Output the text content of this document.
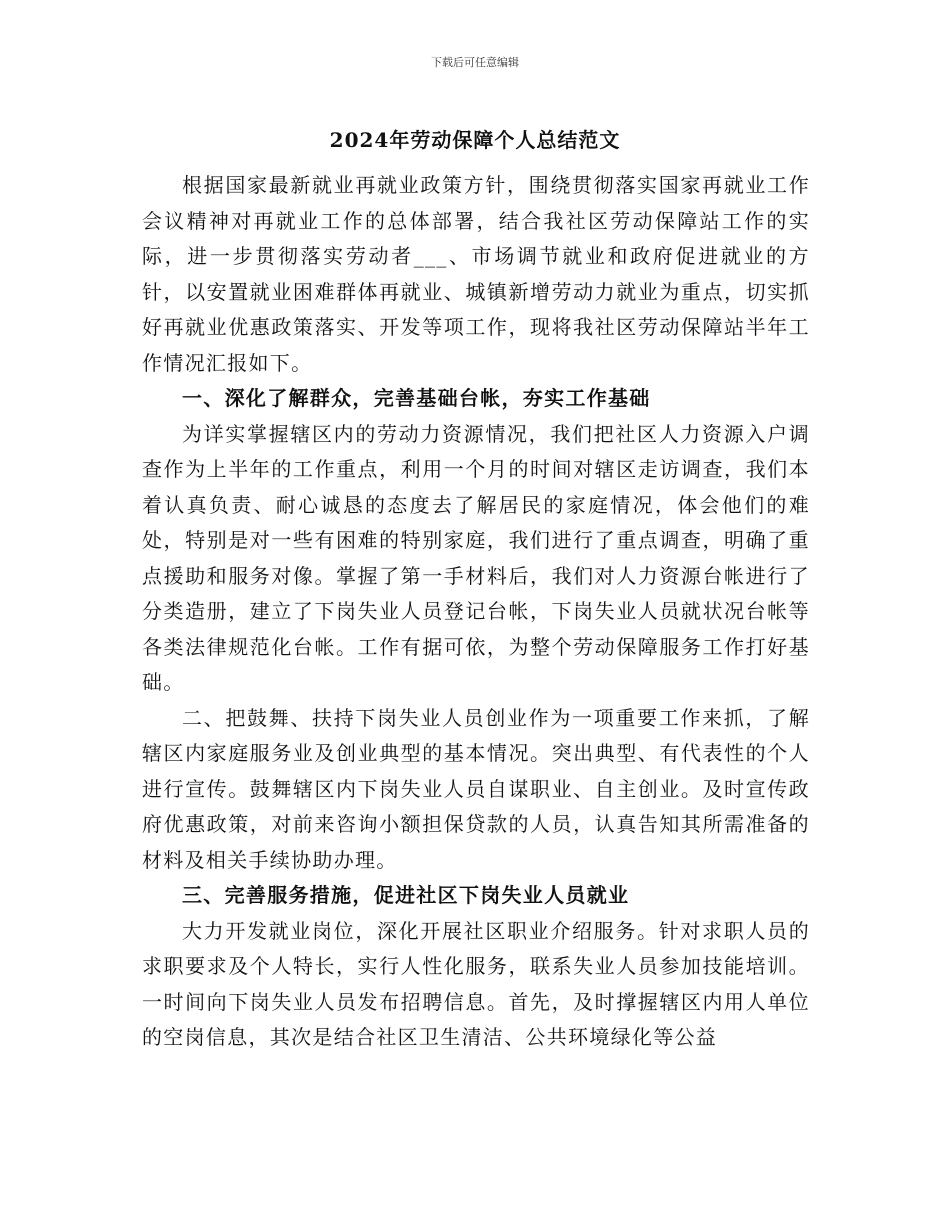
下载后可任意编辑
2024年劳动保障个人总结范文

根据国家最新就业再就业政策方针，围绕贯彻落实国家再就业工作会议精神对再就业工作的总体部署，结合我社区劳动保障站工作的实际，进一步贯彻落实劳动者___、市场调节就业和政府促进就业的方针，以安置就业困难群体再就业、城镇新增劳动力就业为重点，切实抓好再就业优惠政策落实、开发等项工作，现将我社区劳动保障站半年工作情况汇报如下。

一、深化了解群众，完善基础台帐，夯实工作基础

为详实掌握辖区内的劳动力资源情况，我们把社区人力资源入户调查作为上半年的工作重点，利用一个月的时间对辖区走访调查，我们本着认真负责、耐心诚恳的态度去了解居民的家庭情况，体会他们的难处，特别是对一些有困难的特别家庭，我们进行了重点调查，明确了重点援助和服务对像。掌握了第一手材料后，我们对人力资源台帐进行了分类造册，建立了下岗失业人员登记台帐，下岗失业人员就状况台帐等各类法律规范化台帐。工作有据可依，为整个劳动保障服务工作打好基础。

二、把鼓舞、扶持下岗失业人员创业作为一项重要工作来抓，了解辖区内家庭服务业及创业典型的基本情况。突出典型、有代表性的个人进行宣传。鼓舞辖区内下岗失业人员自谋职业、自主创业。及时宣传政府优惠政策，对前来咨询小额担保贷款的人员，认真告知其所需准备的材料及相关手续协助办理。

三、完善服务措施，促进社区下岗失业人员就业

大力开发就业岗位，深化开展社区职业介绍服务。针对求职人员的求职要求及个人特长，实行人性化服务，联系失业人员参加技能培训。一时间向下岗失业人员发布招聘信息。首先，及时撑握辖区内用人单位的空岗信息，其次是结合社区卫生清洁、公共环境绿化等公益
